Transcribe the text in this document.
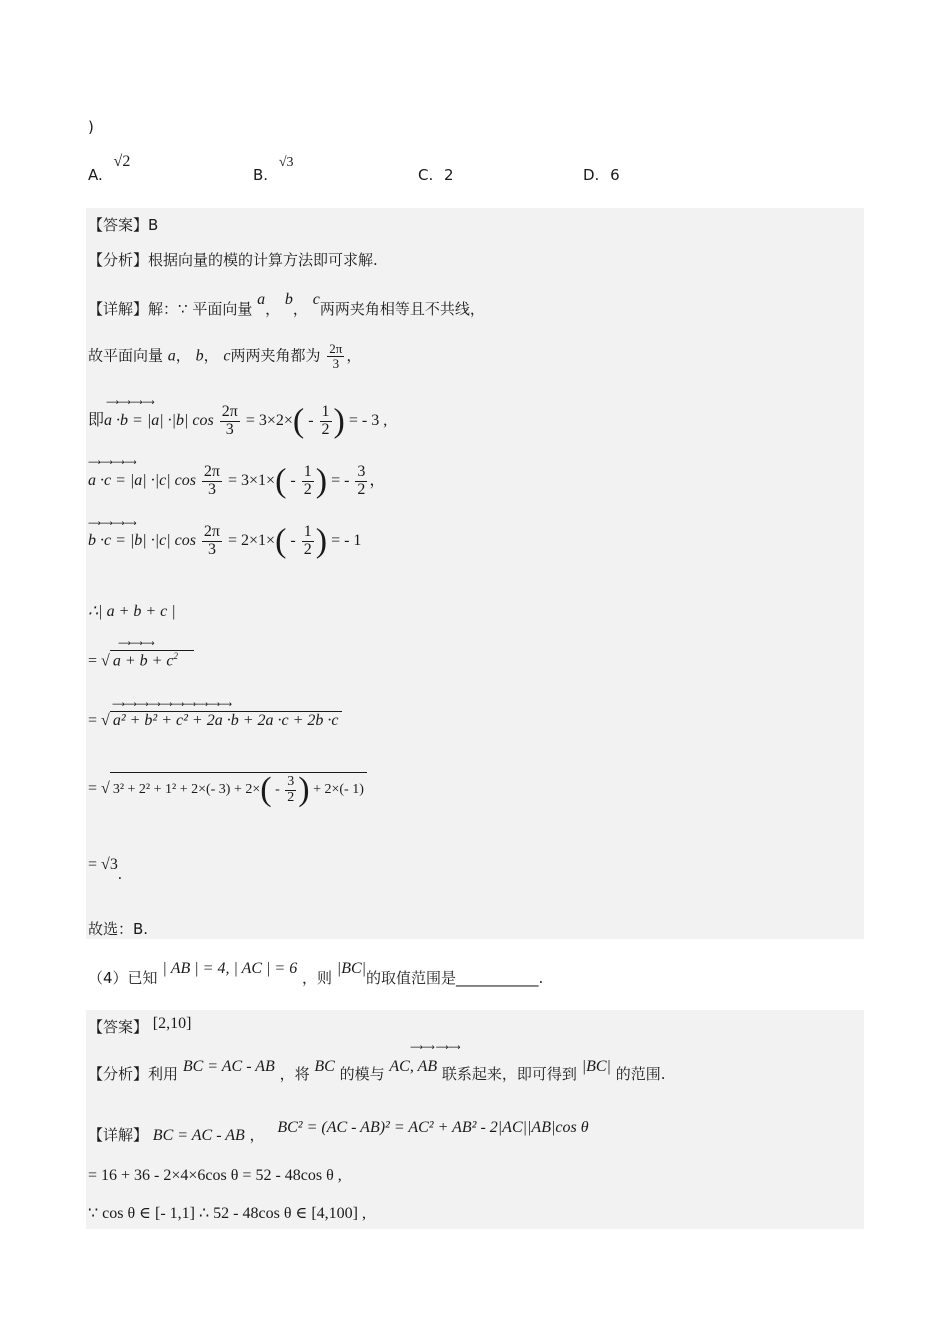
)
A. √2
B. √3
C. 2	D. 6
【答案】B
【分析】根据向量的模的计算方法即可求解.
【详解】解：∵ 平面向量 a， b， c两两夹角相等且不共线，
故平面向量 a， b， c两两夹角都为 $\frac{2\pi}{3}$ ，
⟶⟶⟶⟶
即a ·b = |a| ·|b| $\cos \frac{2\pi}{3} = 3\times 2\times( - \frac{1}{2}$ ) = - 3 ,
⟶⟶⟶⟶
a ·c = |a| ·|c| $\cos \frac{2\pi}{3} = 3\times 1\times( - \frac{1}{2}$ ) = - $\frac{3}{2}$ ，
⟶⟶⟶⟶
b ·c = |b| ·|c| $\cos \frac{2\pi}{3} = 2\times 1\times( - \frac{1}{2}$ ) = - 1
∴| a + b + c |
⟶⟶⟶
= √ $a + b + c^2$
⟶⟶⟶⟶⟶⟶⟶⟶⟶⟶
= √ a² + b² + c² + 2a ·b + 2a ·c + 2b ·c
= √ 3² + 2² + 1² + 2×(- $3) + 2\times( - \frac{3}{2}$ ) + 2×(- 1)
= √3.
故选：B.
（4）已知 | AB | = 4, | AC | = 6 ，则 |BC|的取值范围是___________.
【答案】 [2,10]
【分析】利用 BC = AC - AB ，将 BC 的模与 AC, AB 联系起来，即可得到 |BC| 的范围.
⟶⟶ ⟶⟶
【详解】 BC = AC - AB ， BC² = (AC - AB)² = AC² + AB² - 2|AC||AB|cos θ
= 16 + 36 - 2×4×6cos θ = 52 - 48cos θ ,
∵ cos θ ∈ [- 1,1] ∴ 52 - 48cos θ ∈ [4,100] ,
